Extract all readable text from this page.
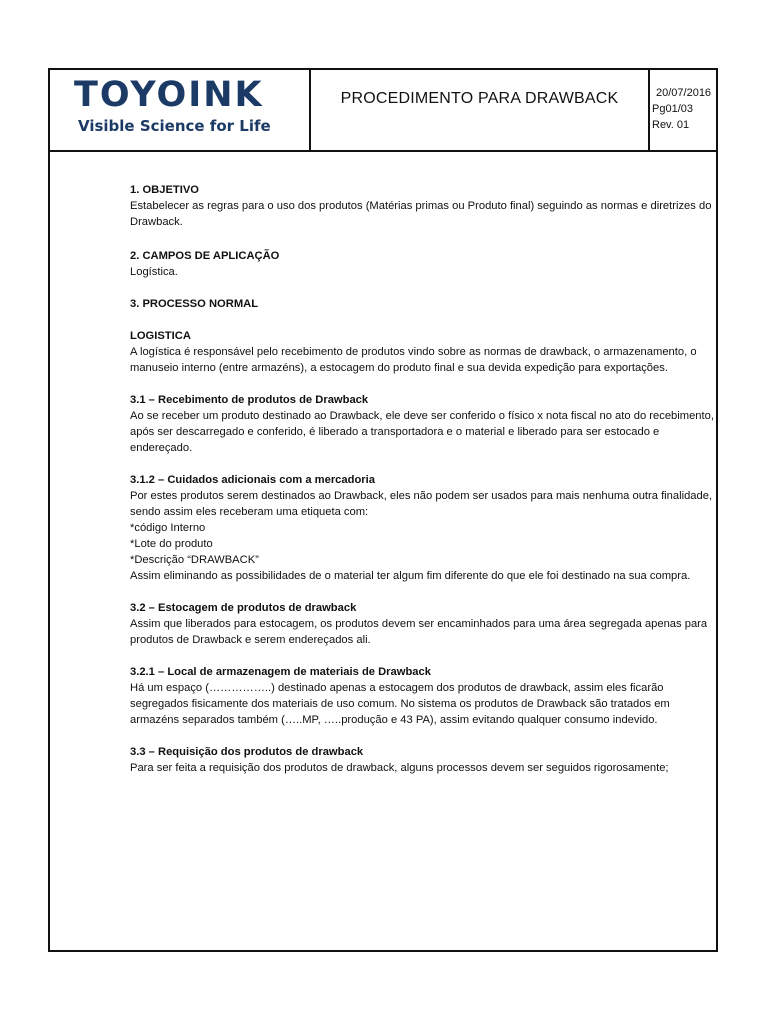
TOYOINK
Visible Science for Life
PROCEDIMENTO PARA DRAWBACK	20/07/2016
Pg01/03
Rev. 01

1. OBJETIVO

Estabelecer as regras para o uso dos produtos (Matérias primas ou Produto final) seguindo as normas e diretrizes do Drawback.

2. CAMPOS DE APLICAÇÃO

Logística.

3. PROCESSO NORMAL

LOGISTICA

A logística é responsável pelo recebimento de produtos vindo sobre as normas de drawback, o armazenamento, o manuseio interno (entre armazéns), a estocagem do produto final e sua devida expedição para exportações.

3.1 – Recebimento de produtos de Drawback

Ao se receber um produto destinado ao Drawback, ele deve ser conferido o físico x nota fiscal no ato do recebimento, após ser descarregado e conferido, é liberado a transportadora e o material e liberado para ser estocado e endereçado.

3.1.2 – Cuidados adicionais com a mercadoria

Por estes produtos serem destinados ao Drawback, eles não podem ser usados para mais nenhuma outra finalidade, sendo assim eles receberam uma etiqueta com:

*código Interno

*Lote do produto

*Descrição “DRAWBACK”

Assim eliminando as possibilidades de o material ter algum fim diferente do que ele foi destinado na sua compra.

3.2 – Estocagem de produtos de drawback

Assim que liberados para estocagem, os produtos devem ser encaminhados para uma área segregada apenas para produtos de Drawback e serem endereçados ali.

3.2.1 – Local de armazenagem de materiais de Drawback

Há um espaço (……………..) destinado apenas a estocagem dos produtos de drawback, assim eles ficarão segregados fisicamente dos materiais de uso comum. No sistema os produtos de Drawback são tratados em armazéns separados também (…..MP, …..produção e 43 PA), assim evitando qualquer consumo indevido.

3.3 – Requisição dos produtos de drawback

Para ser feita a requisição dos produtos de drawback, alguns processos devem ser seguidos rigorosamente;
